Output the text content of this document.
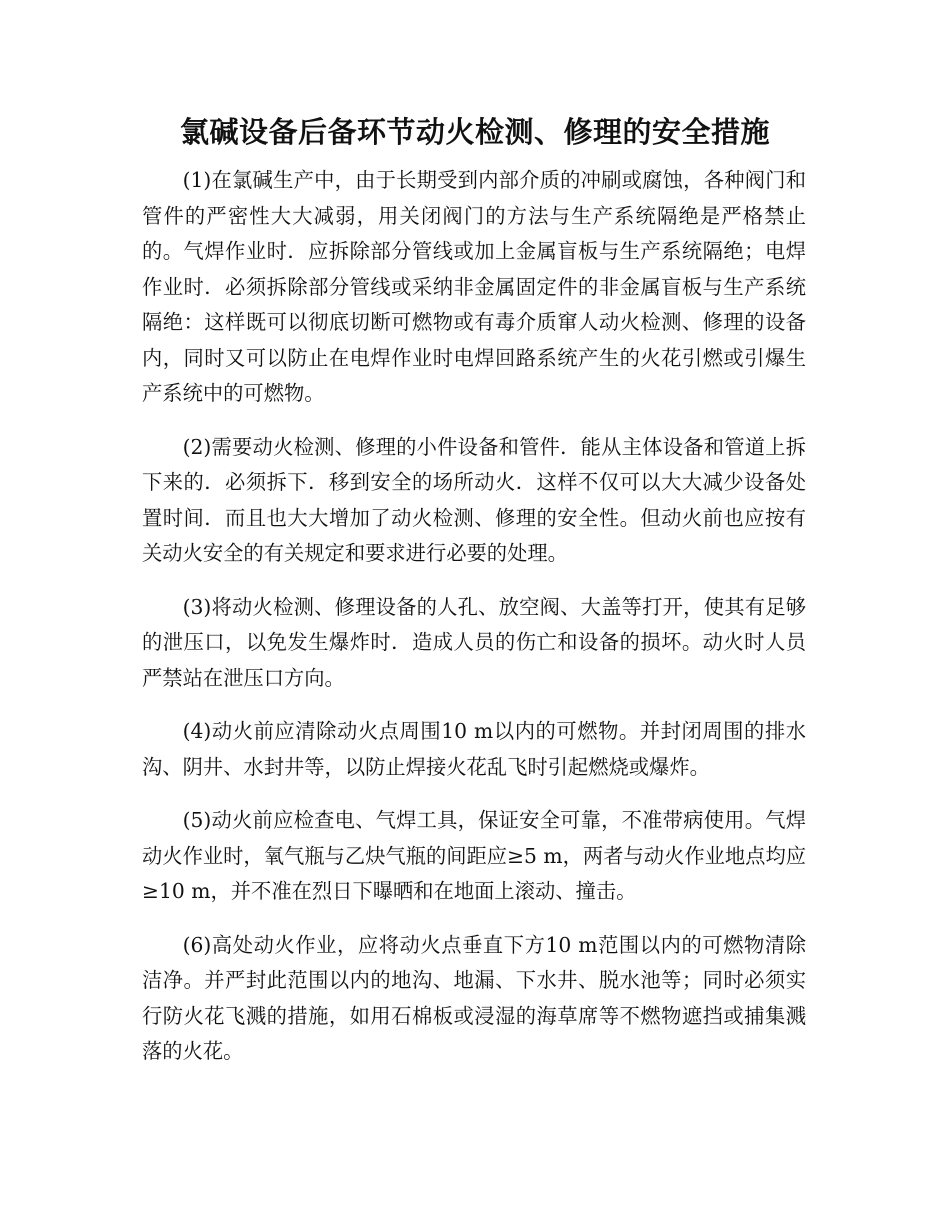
氯碱设备后备环节动火检测、修理的安全措施

(1)在氯碱生产中，由于长期受到内部介质的冲刷或腐蚀，各种阀门和管件的严密性大大减弱，用关闭阀门的方法与生产系统隔绝是严格禁止的。气焊作业时．应拆除部分管线或加上金属盲板与生产系统隔绝；电焊作业时．必须拆除部分管线或采纳非金属固定件的非金属盲板与生产系统隔绝：这样既可以彻底切断可燃物或有毒介质窜人动火检测、修理的设备内，同时又可以防止在电焊作业时电焊回路系统产生的火花引燃或引爆生产系统中的可燃物。

(2)需要动火检测、修理的小件设备和管件．能从主体设备和管道上拆下来的．必须拆下．移到安全的场所动火．这样不仅可以大大减少设备处置时间．而且也大大增加了动火检测、修理的安全性。但动火前也应按有关动火安全的有关规定和要求进行必要的处理。

(3)将动火检测、修理设备的人孔、放空阀、大盖等打开，使其有足够的泄压口，以免发生爆炸时．造成人员的伤亡和设备的损坏。动火时人员严禁站在泄压口方向。

(4)动火前应清除动火点周围10 m以内的可燃物。并封闭周围的排水沟、阴井、水封井等，以防止焊接火花乱飞时引起燃烧或爆炸。

(5)动火前应检查电、气焊工具，保证安全可靠，不准带病使用。气焊动火作业时，氧气瓶与乙炔气瓶的间距应≥5 m，两者与动火作业地点均应≥10 m，并不准在烈日下曝晒和在地面上滚动、撞击。

(6)高处动火作业，应将动火点垂直下方10 m范围以内的可燃物清除洁净。并严封此范围以内的地沟、地漏、下水井、脱水池等；同时必须实行防火花飞溅的措施，如用石棉板或浸湿的海草席等不燃物遮挡或捕集溅落的火花。
